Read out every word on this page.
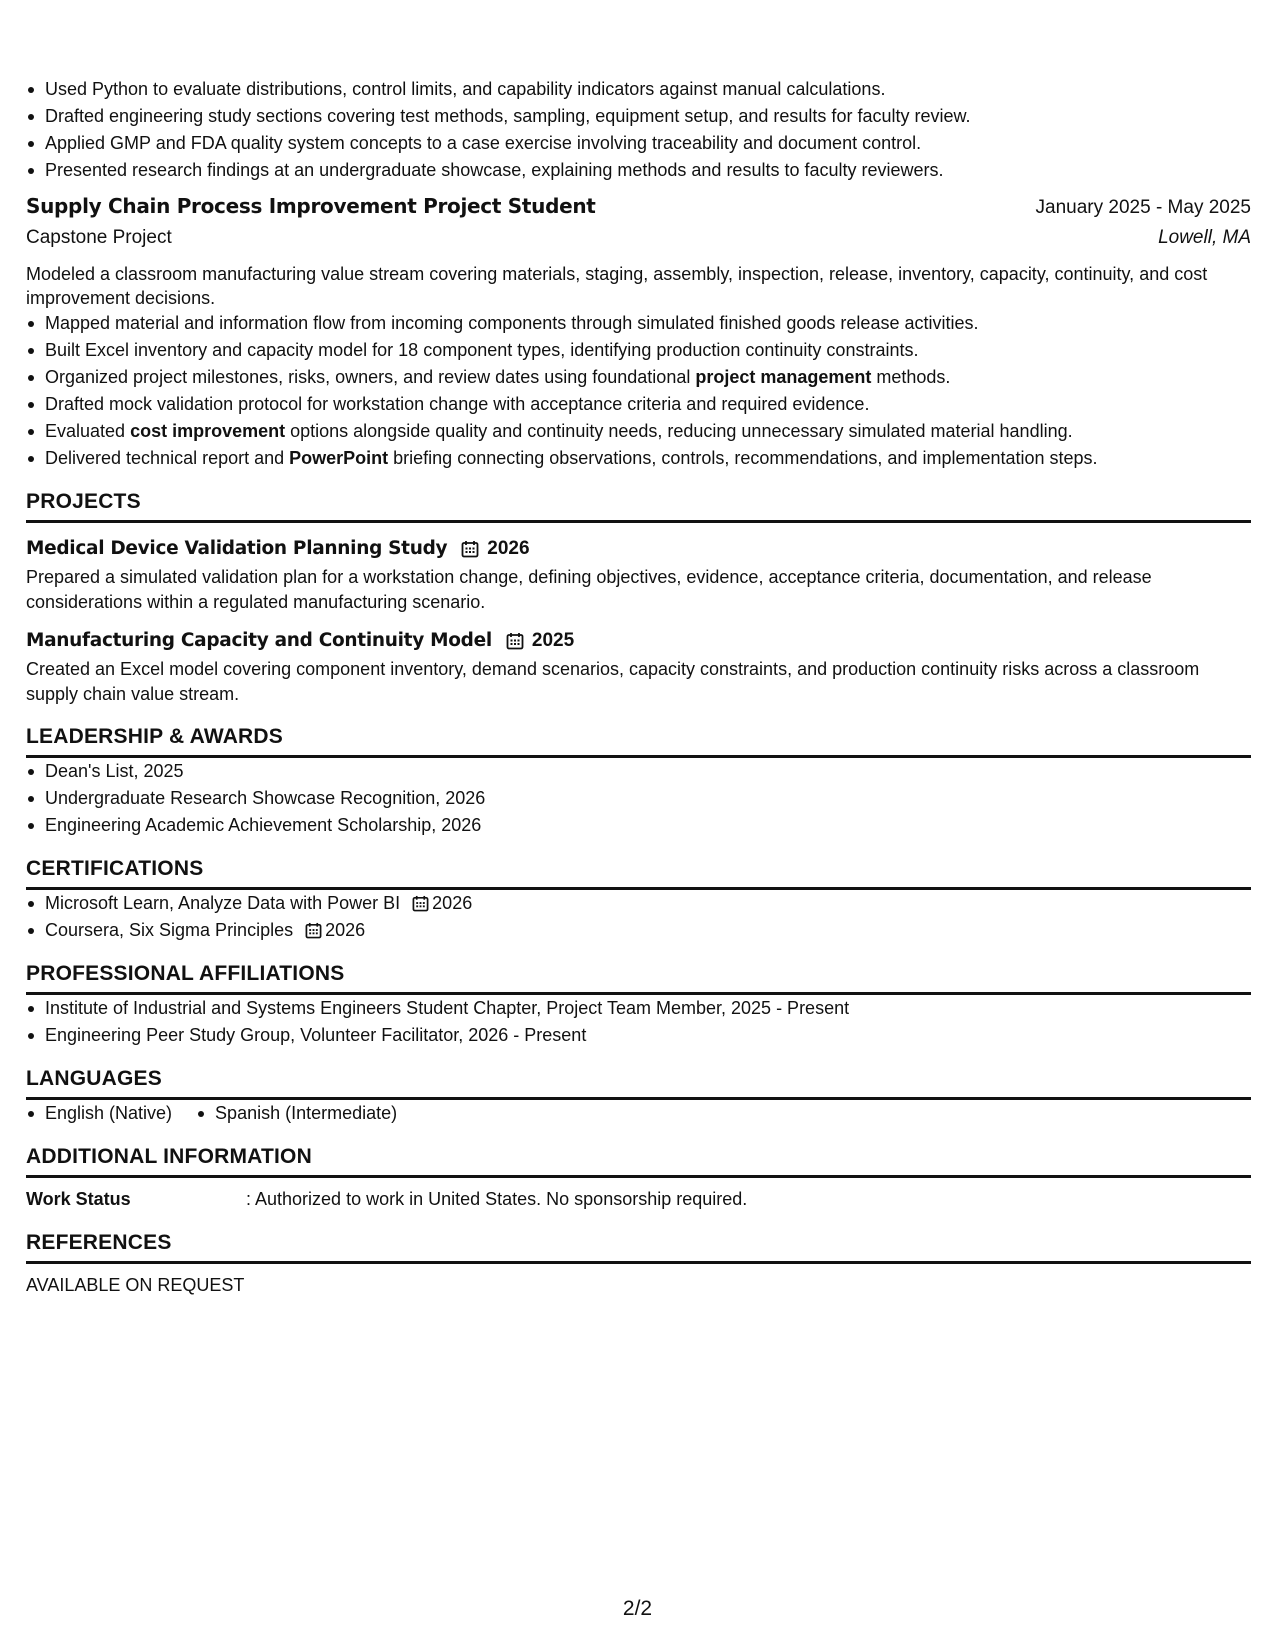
Used Python to evaluate distributions, control limits, and capability indicators against manual calculations.
Drafted engineering study sections covering test methods, sampling, equipment setup, and results for faculty review.
Applied GMP and FDA quality system concepts to a case exercise involving traceability and document control.
Presented research findings at an undergraduate showcase, explaining methods and results to faculty reviewers.
Supply Chain Process Improvement Project Student	January 2025 - May 2025
Capstone Project	Lowell, MA
Modeled a classroom manufacturing value stream covering materials, staging, assembly, inspection, release, inventory, capacity, continuity, and cost improvement decisions.
Mapped material and information flow from incoming components through simulated finished goods release activities.
Built Excel inventory and capacity model for 18 component types, identifying production continuity constraints.
Organized project milestones, risks, owners, and review dates using foundational project management methods.
Drafted mock validation protocol for workstation change with acceptance criteria and required evidence.
Evaluated cost improvement options alongside quality and continuity needs, reducing unnecessary simulated material handling.
Delivered technical report and PowerPoint briefing connecting observations, controls, recommendations, and implementation steps.
PROJECTS
Medical Device Validation Planning Study 2026
Prepared a simulated validation plan for a workstation change, defining objectives, evidence, acceptance criteria, documentation, and release considerations within a regulated manufacturing scenario.
Manufacturing Capacity and Continuity Model 2025
Created an Excel model covering component inventory, demand scenarios, capacity constraints, and production continuity risks across a classroom supply chain value stream.
LEADERSHIP & AWARDS
Dean's List, 2025
Undergraduate Research Showcase Recognition, 2026
Engineering Academic Achievement Scholarship, 2026
CERTIFICATIONS
Microsoft Learn, Analyze Data with Power BI 2026
Coursera, Six Sigma Principles 2026
PROFESSIONAL AFFILIATIONS
Institute of Industrial and Systems Engineers Student Chapter, Project Team Member, 2025 - Present
Engineering Peer Study Group, Volunteer Facilitator, 2026 - Present
LANGUAGES
English (Native)	Spanish (Intermediate)
ADDITIONAL INFORMATION
Work Status	: Authorized to work in United States. No sponsorship required.
REFERENCES
AVAILABLE ON REQUEST
2/2
